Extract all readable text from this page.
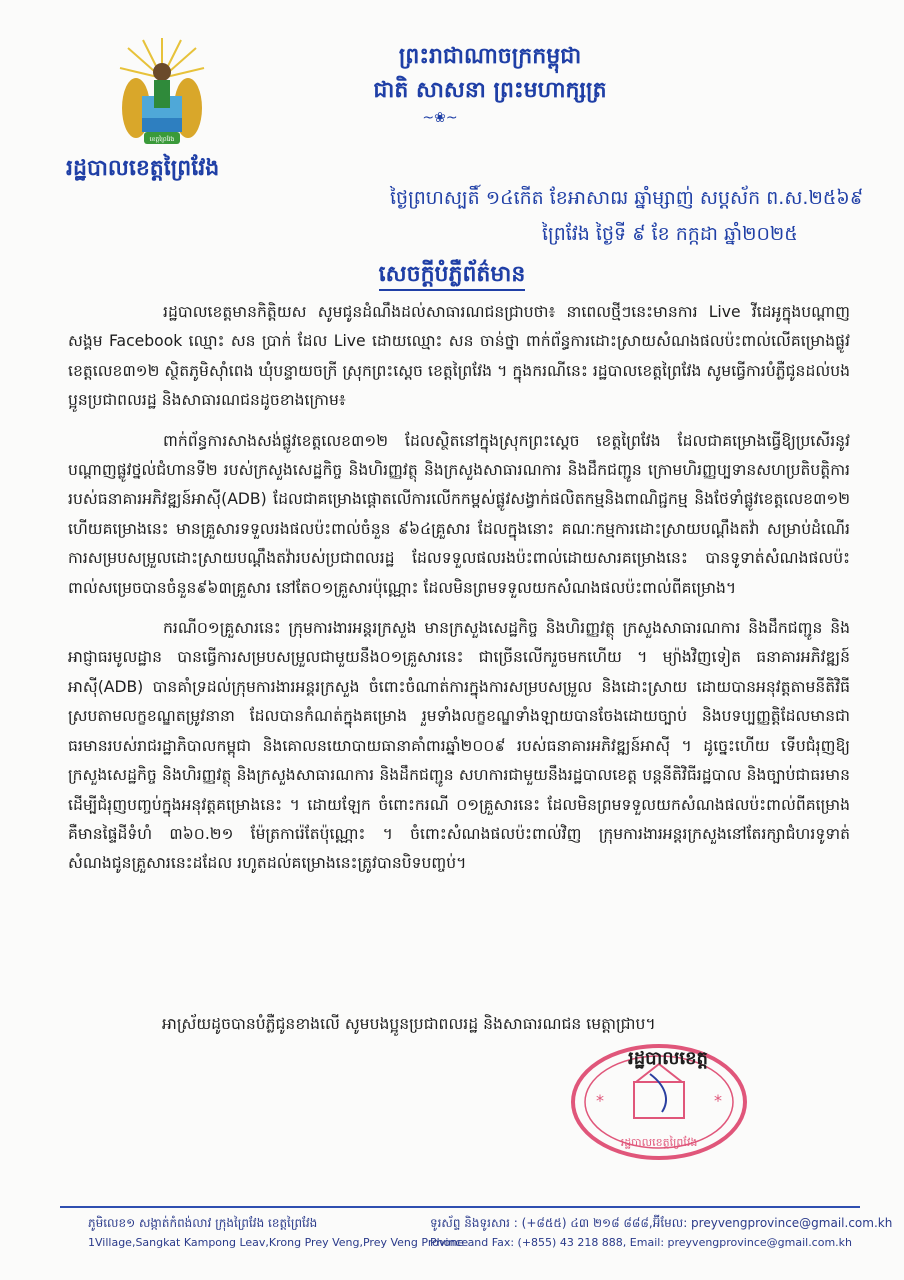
ខេត្តព្រៃវែង
ព្រះរាជាណាចក្រកម្ពុជា
ជាតិ សាសនា ព្រះមហាក្សត្រ
~❀~
រដ្ឋបាលខេត្តព្រៃវែង
ថ្ងៃព្រហស្បតិ៍ ១៤កើត ខែអាសាឍ ឆ្នាំម្សាញ់ សប្តស័ក ព.ស.២៥៦៩
ព្រៃវែង ថ្ងៃទី ៩ ខែ កក្កដា ឆ្នាំ២០២៥
សេចក្តីបំភ្លឺព័ត៌មាន

រដ្ឋបាលខេត្តមានកិត្តិយស សូមជូនដំណឹងដល់សាធារណជនជ្រាបថា៖ នាពេលថ្មីៗនេះមានការ Live វីដេអូក្នុងបណ្តាញសង្គម Facebook ឈ្មោះ សន ប្រាក់ ដែល Live ដោយឈ្មោះ សន ចាន់ថ្នា ពាក់ព័ន្ធការដោះស្រាយសំណងផលប៉ះពាល់លើគម្រោងផ្លូវខេត្តលេខ៣១២ ស្ថិតភូមិស៊ាំពេង ឃុំបន្ទាយចក្រី ស្រុកព្រះស្តេច ខេត្តព្រៃវែង ។ ក្នុងករណីនេះ រដ្ឋបាលខេត្តព្រៃវែង សូមធ្វើការបំភ្លឺជូនដល់បងប្អូនប្រជាពលរដ្ឋ និងសាធារណជនដូចខាងក្រោម៖

ពាក់ព័ន្ធការសាងសង់ផ្លូវខេត្តលេខ៣១២ ដែលស្ថិតនៅក្នុងស្រុកព្រះស្តេច ខេត្តព្រៃវែង ដែលជាគម្រោងធ្វើឱ្យប្រសើរនូវបណ្តាញផ្លូវថ្នល់ជំហានទី២ របស់ក្រសួងសេដ្ឋកិច្ច និងហិរញ្ញវត្ថុ និងក្រសួងសាធារណការ និងដឹកជញ្ជូន ក្រោមហិរញ្ញប្បទានសហប្រតិបត្តិការរបស់ធនាគារអភិវឌ្ឍន៍អាស៊ី(ADB) ដែលជាគម្រោងផ្តោតលើការលើកកម្ពស់ផ្លូវសង្វាក់ផលិតកម្មនិងពាណិជ្ជកម្ម និងថែទាំផ្លូវខេត្តលេខ៣១២ ហើយគម្រោងនេះ មានគ្រួសារទទួលរងផលប៉ះពាល់ចំនួន ៩៦៤គ្រួសារ ដែលក្នុងនោះ គណៈកម្មការដោះស្រាយបណ្តឹងតវ៉ា សម្រាប់ដំណើរការសម្របសម្រួលដោះស្រាយបណ្តឹងតវ៉ារបស់ប្រជាពលរដ្ឋ ដែលទទួលផលរងប៉ះពាល់ដោយសារគម្រោងនេះ បានទូទាត់សំណងផលប៉ះពាល់សម្រេចបានចំនួន៩៦៣គ្រួសារ នៅតែ០១គ្រួសារប៉ុណ្ណោះ ដែលមិនព្រមទទួលយកសំណងផលប៉ះពាល់ពីគម្រោង។

ករណី០១គ្រួសារនេះ ក្រុមការងារអន្តរក្រសួង មានក្រសួងសេដ្ឋកិច្ច និងហិរញ្ញវត្ថុ ក្រសួងសាធារណការ និងដឹកជញ្ជូន និងអាជ្ញាធរមូលដ្ឋាន បានធ្វើការសម្របសម្រួលជាមួយនឹង០១គ្រួសារនេះ ជាច្រើនលើករួចមកហើយ ។ ម្យ៉ាងវិញទៀត ធនាគារអភិវឌ្ឍន៍អាស៊ី(ADB) បានគាំទ្រដល់ក្រុមការងារអន្តរក្រសួង ចំពោះចំណាត់ការក្នុងការសម្របសម្រួល និងដោះស្រាយ ដោយបានអនុវត្តតាមនីតិវិធីស្របតាមលក្ខខណ្ឌតម្រូវនានា ដែលបានកំណត់ក្នុងគម្រោង រួមទាំងលក្ខខណ្ឌទាំងឡាយបានចែងដោយច្បាប់ និងបទប្បញ្ញត្តិដែលមានជាធរមានរបស់រាជរដ្ឋាភិបាលកម្ពុជា និងគោលនយោបាយធានាគាំពារឆ្នាំ២០០៩ របស់ធនាគារអភិវឌ្ឍន៍អាស៊ី ។ ដូច្នេះហើយ ទើបជំរុញឱ្យក្រសួងសេដ្ឋកិច្ច និងហិរញ្ញវត្ថុ និងក្រសួងសាធារណការ និងដឹកជញ្ជូន សហការជាមួយនឹងរដ្ឋបាលខេត្ត បន្តនីតិវិធីរដ្ឋបាល និងច្បាប់ជាធរមាន ដើម្បីជំរុញបញ្ចប់ក្នុងអនុវត្តគម្រោងនេះ ។ ដោយឡែក ចំពោះករណី ០១គ្រួសារនេះ ដែលមិនព្រមទទួលយកសំណងផលប៉ះពាល់ពីគម្រោង គឺមានផ្ទៃដីទំហំ ៣៦០.២១ ម៉ែត្រការ៉េតែប៉ុណ្ណោះ ។ ចំពោះសំណងផលប៉ះពាល់វិញ ក្រុមការងារអន្តរក្រសួងនៅតែរក្សាជំហរទូទាត់សំណងជូនគ្រួសារនេះដដែល រហូតដល់គម្រោងនេះត្រូវបានបិទបញ្ចប់។

អាស្រ័យដូចបានបំភ្លឺជូនខាងលើ សូមបងប្អូនប្រជាពលរដ្ឋ និងសាធារណជន មេត្តាជ្រាប។
*	*
រដ្ឋបាលខេត្តព្រៃវែង
រដ្ឋបាលខេត្ត
ភូមិលេខ១ សង្កាត់កំពង់លាវ ក្រុងព្រៃវែង ខេត្តព្រៃវែង
1Village,Sangkat Kampong Leav,Krong Prey Veng,Prey Veng Province
ទូរស័ព្ទ និងទូរសារ : (+៨៥៥) ៤៣ ២១៨ ៨៨៨,អ៊ីមែល: preyvengprovince@gmail.com.kh
Phone and Fax: (+855) 43 218 888, Email: preyvengprovince@gmail.com.kh
